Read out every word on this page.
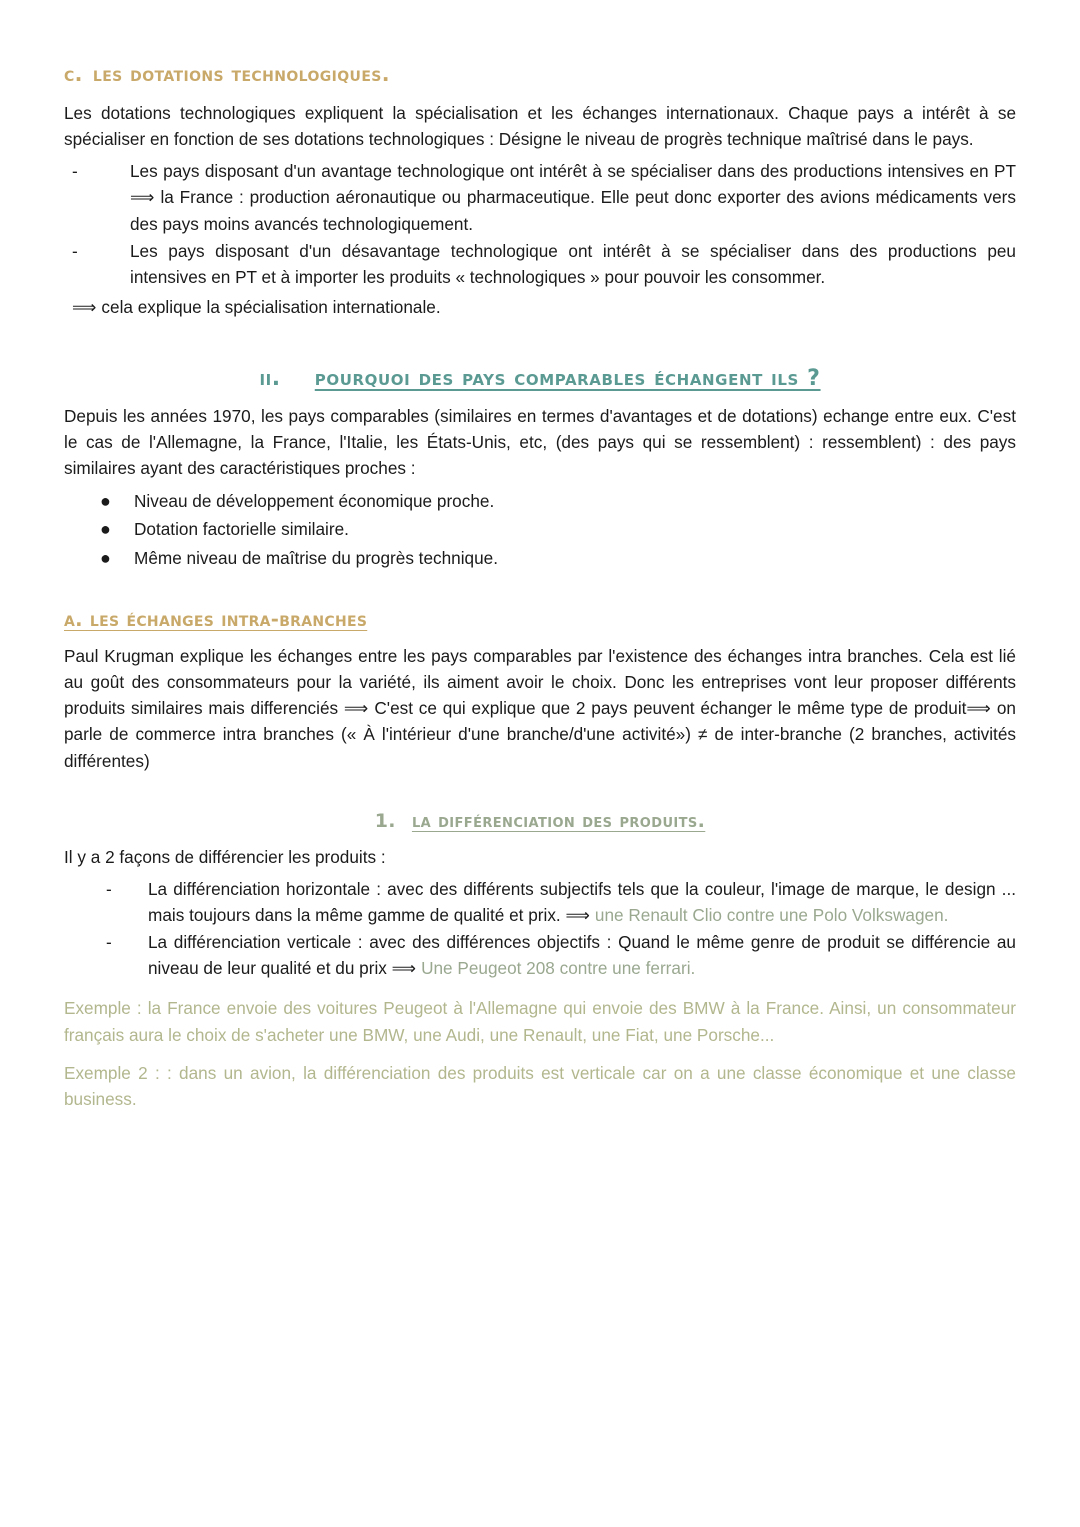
c. les dotations technologiques.

Les dotations technologiques expliquent la spécialisation et les échanges internationaux. Chaque pays a intérêt à se spécialiser en fonction de ses dotations technologiques : Désigne le niveau de progrès technique maîtrisé dans le pays.

-	Les pays disposant d'un avantage technologique ont intérêt à se spécialiser dans des productions intensives en PT ⟹ la France : production aéronautique ou pharmaceutique. Elle peut donc exporter des avions médicaments vers des pays moins avancés technologiquement.
-	Les pays disposant d'un désavantage technologique ont intérêt à se spécialiser dans des productions peu intensives en PT et à importer les produits « technologiques » pour pouvoir les consommer.
⟹ cela explique la spécialisation internationale.
ii. pourquoi des pays comparables échangent ils ?

Depuis les années 1970, les pays comparables (similaires en termes d'avantages et de dotations) echange entre eux. C'est le cas de l'Allemagne, la France, l'Italie, les États-Unis, etc, (des pays qui se ressemblent) : ressemblent) : des pays similaires ayant des caractéristiques proches :

● Niveau de développement économique proche.
● Dotation factorielle similaire.
● Même niveau de maîtrise du progrès technique.
a. les échanges intra-branches

Paul Krugman explique les échanges entre les pays comparables par l'existence des échanges intra branches. Cela est lié au goût des consommateurs pour la variété, ils aiment avoir le choix. Donc les entreprises vont leur proposer différents produits similaires mais differenciés ⟹ C'est ce qui explique que 2 pays peuvent échanger le même type de produit⟹ on parle de commerce intra branches (« À l'intérieur d'une branche/d'une activité») ≠ de inter-branche (2 branches, activités différentes)

1. la différenciation des produits.

Il y a 2 façons de différencier les produits :

- La différenciation horizontale : avec des différents subjectifs tels que la couleur, l'image de marque, le design ... mais toujours dans la même gamme de qualité et prix. ⟹ une Renault Clio contre une Polo Volkswagen.
- La différenciation verticale : avec des différences objectifs : Quand le même genre de produit se différencie au niveau de leur qualité et du prix ⟹ Une Peugeot 208 contre une ferrari.

Exemple : la France envoie des voitures Peugeot à l'Allemagne qui envoie des BMW à la France. Ainsi, un consommateur français aura le choix de s'acheter une BMW, une Audi, une Renault, une Fiat, une Porsche...

Exemple 2 : : dans un avion, la différenciation des produits est verticale car on a une classe économique et une classe business.
